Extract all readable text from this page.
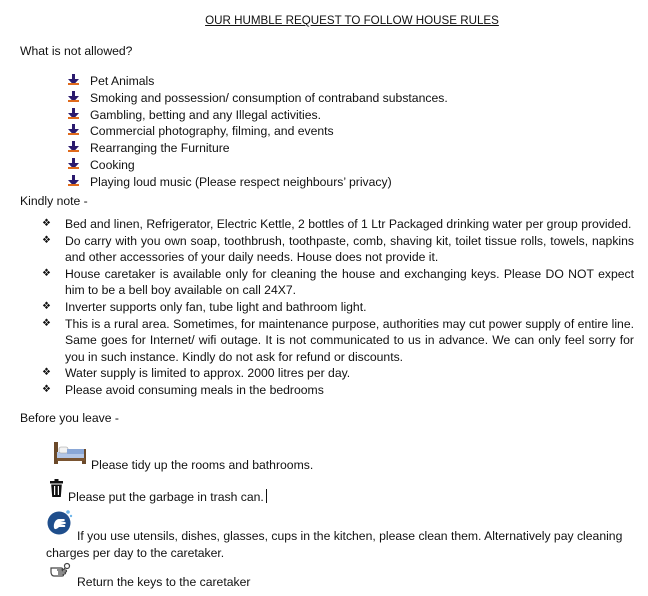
OUR HUMBLE REQUEST TO FOLLOW HOUSE RULES
What is not allowed?
Pet Animals
Smoking and possession/ consumption of contraband substances.
Gambling, betting and any Illegal activities.
Commercial photography, filming, and events
Rearranging the Furniture
Cooking
Playing loud music (Please respect neighbours’ privacy)
Kindly note -
❖	Bed and linen, Refrigerator, Electric Kettle, 2 bottles of 1 Ltr Packaged drinking water per group provided.
❖	Do carry with you own soap, toothbrush, toothpaste, comb, shaving kit, toilet tissue rolls, towels, napkins and other accessories of your daily needs. House does not provide it.
❖	House caretaker is available only for cleaning the house and exchanging keys. Please DO NOT expect him to be a bell boy available on call 24X7.
❖	Inverter supports only fan, tube light and bathroom light.
❖	This is a rural area. Sometimes, for maintenance purpose, authorities may cut power supply of entire line. Same goes for Internet/ wifi outage. It is not communicated to us in advance. We can only feel sorry for you in such instance. Kindly do not ask for refund or discounts.
❖	Water supply is limited to approx. 2000 litres per day.
❖	Please avoid consuming meals in the bedrooms
Before you leave -
Please tidy up the rooms and bathrooms.
Please put the garbage in trash can.
If you use utensils, dishes, glasses, cups in the kitchen, please clean them. Alternatively pay cleaning charges per day to the caretaker.
Return the keys to the caretaker
